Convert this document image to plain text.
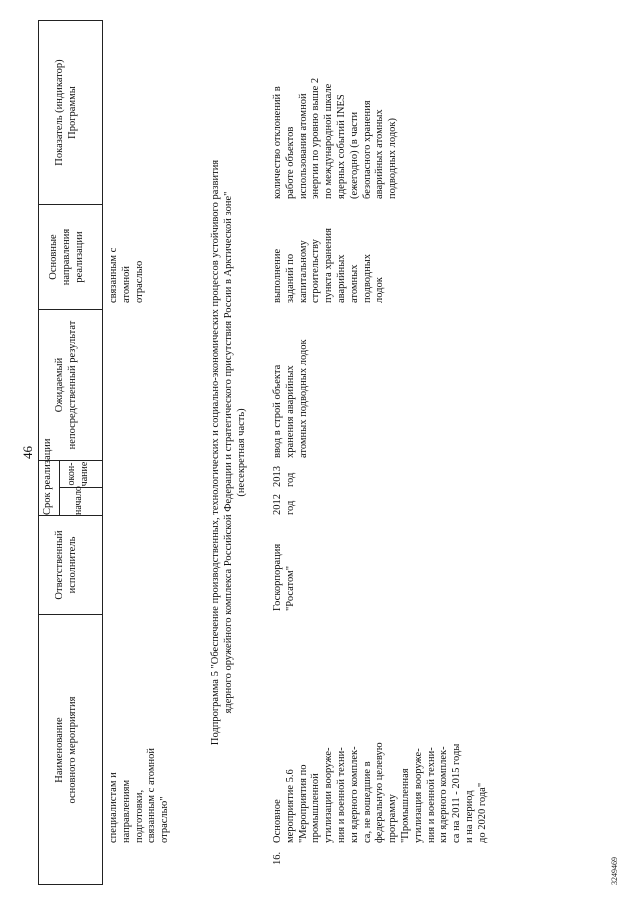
46
Наименование
основного мероприятия
Ответственный
исполнитель
Срок реализации начало
окон-
чание
Ожидаемый
непосредственный результат
Основные
направления
реализации
Показатель (индикатор)
Программы
специалистам и
направлениям
подготовки,
связанным с атомной
отраслью"
связанным с
атомной
отраслью
Подпрограмма 5 "Обеспечение производственных, технологических и социально-экономических процессов устойчивого развития
ядерного оружейного комплекса Российской Федерации и стратегического присутствия России в Арктической зоне"
(несекретная часть)
16.
Основное
мероприятие 5.6
"Мероприятия по
промышленной
утилизации вооруже-
ния и военной техни-
ки ядерного комплек-
са, не вошедшие в
федеральную целевую
программу
"Промышленная
утилизация вооруже-
ния и военной техни-
ки ядерного комплек-
са на 2011 - 2015 годы
и на период
до 2020 года"
Госкорпорация
"Росатом"
2012
год
2013
год
ввод в строй объекта
хранения аварийных
атомных подводных лодок
выполнение
заданий по
капитальному
строительству
пункта хранения
аварийных
атомных
подводных
лодок
количество отклонений в
работе объектов
использования атомной
энергии по уровню выше 2
по международной шкале
ядерных событий INES
(ежегодно) (в части
безопасного хранения
аварийных атомных
подводных лодок)
3249469
